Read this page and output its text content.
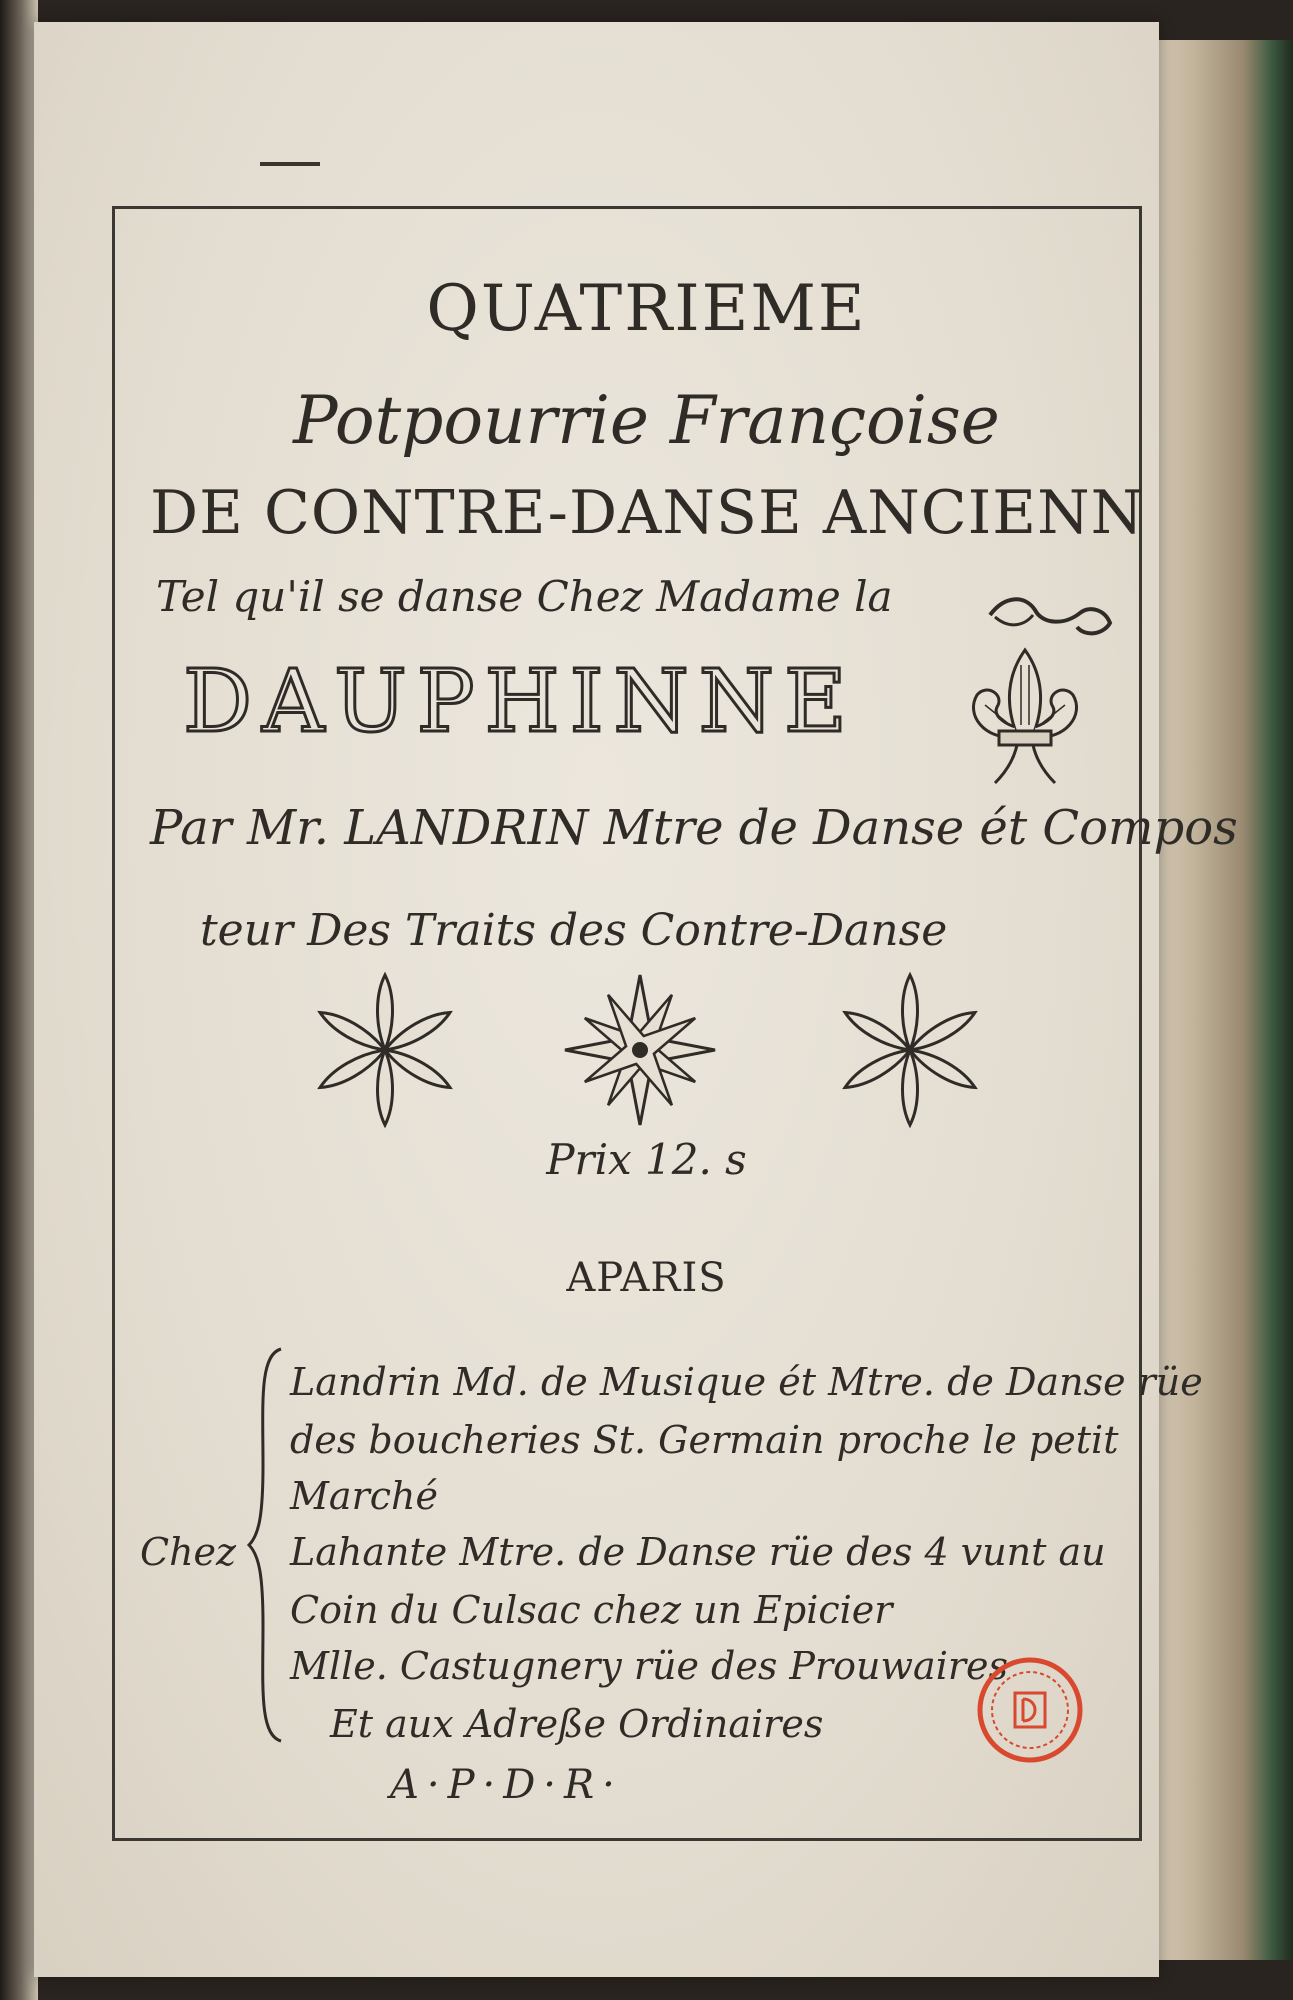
QUATRIEME
Potpourrie Françoise
DE CONTRE-DANSE ANCIENN
Tel qu'il se danse Chez Madame la
DAUPHINNE
Par Mr. LANDRIN Mtre de Danse ét Compos
teur Des Traits des Contre-Danse
Prix 12. s
APARIS
Chez
Landrin Md. de Musique ét Mtre. de Danse rüe
des boucheries St. Germain proche le petit
Marché
Lahante Mtre. de Danse rüe des 4 vunt au
Coin du Culsac chez un Epicier
Mlle. Castugnery rüe des Prouwaires
Et aux Adreße Ordinaires
A·P·D·R·
